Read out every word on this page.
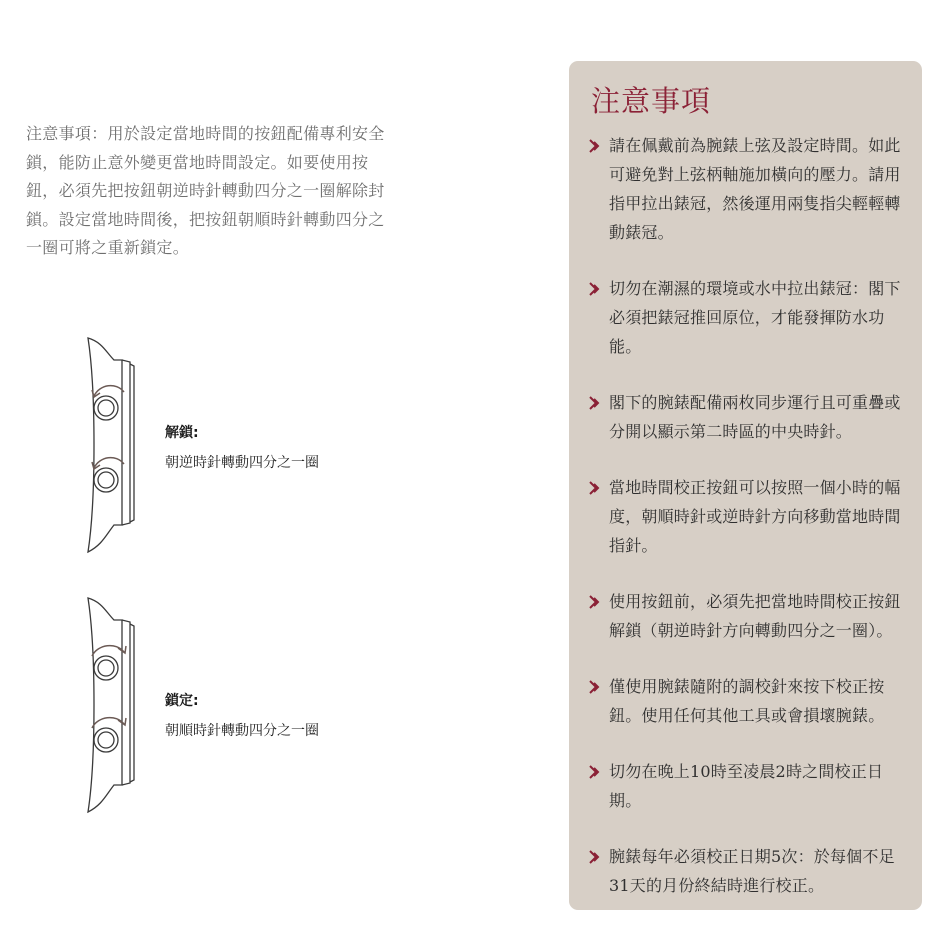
注意事項：用於設定當地時間的按鈕配備專利安全鎖，能防止意外變更當地時間設定。如要使用按鈕，必須先把按鈕朝逆時針轉動四分之一圈解除封鎖。設定當地時間後，把按鈕朝順時針轉動四分之一圈可將之重新鎖定。
解鎖:
朝逆時針轉動四分之一圈
鎖定:
朝順時針轉動四分之一圈
注意事項
請在佩戴前為腕錶上弦及設定時間。如此可避免對上弦柄軸施加橫向的壓力。請用指甲拉出錶冠，然後運用兩隻指尖輕輕轉動錶冠。
切勿在潮濕的環境或水中拉出錶冠：閣下必須把錶冠推回原位，才能發揮防水功能。
閣下的腕錶配備兩枚同步運行且可重疊或分開以顯示第二時區的中央時針。
當地時間校正按鈕可以按照一個小時的幅度，朝順時針或逆時針方向移動當地時間指針。
使用按鈕前，必須先把當地時間校正按鈕解鎖（朝逆時針方向轉動四分之一圈）。
僅使用腕錶隨附的調校針來按下校正按鈕。使用任何其他工具或會損壞腕錶。
切勿在晚上10時至凌晨2時之間校正日期。
腕錶每年必須校正日期5次：於每個不足31天的月份終結時進行校正。
